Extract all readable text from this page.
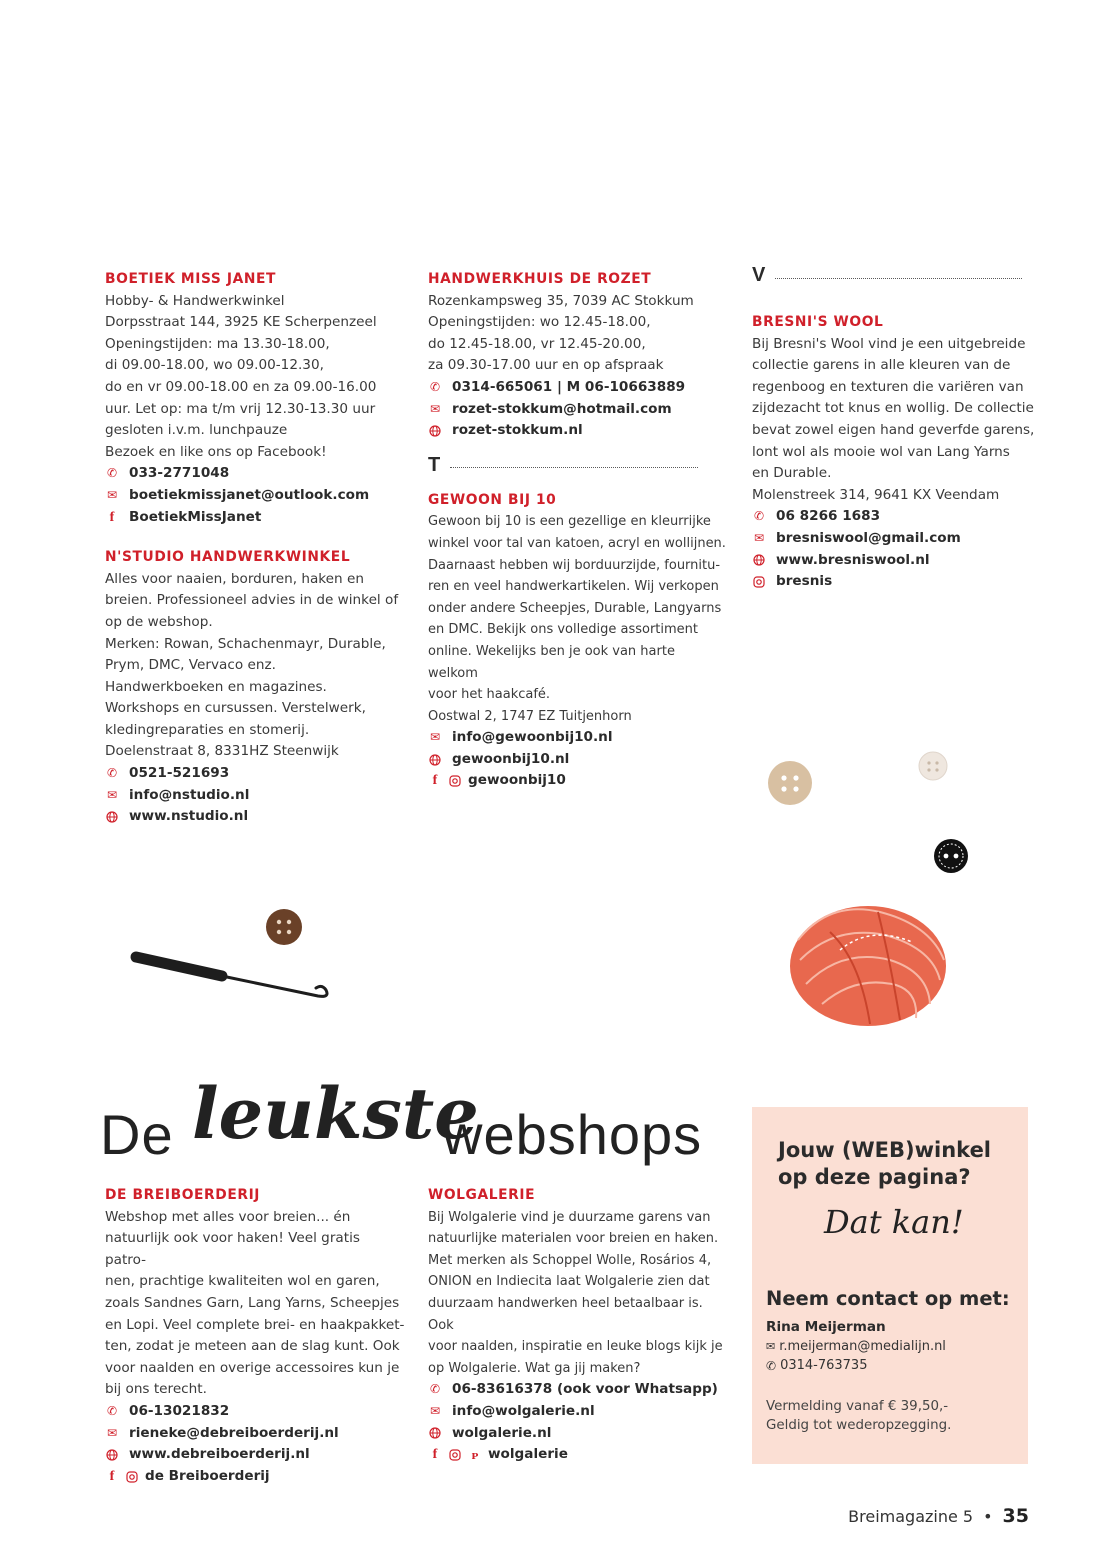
BOETIEK MISS JANET
Hobby- & Handwerkwinkel
Dorpsstraat 144, 3925 KE Scherpenzeel
Openingstijden: ma 13.30-18.00,
di 09.00-18.00, wo 09.00-12.30,
do en vr 09.00-18.00 en za 09.00-16.00
uur. Let op: ma t/m vrij 12.30-13.30 uur
gesloten i.v.m. lunchpauze
Bezoek en like ons op Facebook!
✆ 033-2771048
✉ boetiekmissjanet@outlook.com
f	BoetiekMissJanet
N'STUDIO HANDWERKWINKEL
Alles voor naaien, borduren, haken en
breien. Professioneel advies in de winkel of
op de webshop.
Merken: Rowan, Schachenmayr, Durable,
Prym, DMC, Vervaco enz.
Handwerkboeken en magazines.
Workshops en cursussen. Verstelwerk,
kledingreparaties en stomerij.
Doelenstraat 8, 8331HZ Steenwijk
✆ 0521-521693
✉ info@nstudio.nl
www.nstudio.nl
HANDWERKHUIS DE ROZET
Rozenkampsweg 35, 7039 AC Stokkum
Openingstijden: wo 12.45-18.00,
do 12.45-18.00, vr 12.45-20.00,
za 09.30-17.00 uur en op afspraak
✆ 0314-665061 | M 06-10663889
✉ rozet-stokkum@hotmail.com
rozet-stokkum.nl
T
GEWOON BIJ 10
Gewoon bij 10 is een gezellige en kleurrijke
winkel voor tal van katoen, acryl en wollijnen.
Daarnaast hebben wij borduurzijde, fournitu-
ren en veel handwerkartikelen. Wij verkopen
onder andere Scheepjes, Durable, Langyarns
en DMC. Bekijk ons volledige assortiment
online. Wekelijks ben je ook van harte welkom
voor het haakcafé.
Oostwal 2, 1747 EZ Tuitjenhorn
✉ info@gewoonbij10.nl
gewoonbij10.nl
f	gewoonbij10
V
BRESNI'S WOOL
Bij Bresni's Wool vind je een uitgebreide
collectie garens in alle kleuren van de
regenboog en texturen die variëren van
zijdezacht tot knus en wollig. De collectie
bevat zowel eigen hand geverfde garens,
lont wol als mooie wol van Lang Yarns
en Durable.
Molenstreek 314, 9641 KX Veendam
✆ 06 8266 1683
✉ bresniswool@gmail.com
www.bresniswool.nl
bresnis
De leukste
webshops
DE BREIBOERDERIJ
Webshop met alles voor breien... én
natuurlijk ook voor haken! Veel gratis patro-
nen, prachtige kwaliteiten wol en garen,
zoals Sandnes Garn, Lang Yarns, Scheepjes
en Lopi. Veel complete brei- en haakpakket-
ten, zodat je meteen aan de slag kunt. Ook
voor naalden en overige accessoires kun je
bij ons terecht.
✆ 06-13021832
✉ rieneke@debreiboerderij.nl
www.debreiboerderij.nl
f	de Breiboerderij
WOLGALERIE
Bij Wolgalerie vind je duurzame garens van
natuurlijke materialen voor breien en haken.
Met merken als Schoppel Wolle, Rosários 4,
ONION en Indiecita laat Wolgalerie zien dat
duurzaam handwerken heel betaalbaar is. Ook
voor naalden, inspiratie en leuke blogs kijk je
op Wolgalerie. Wat ga jij maken?
✆ 06-83616378 (ook voor Whatsapp)
✉ info@wolgalerie.nl
wolgalerie.nl
f	ᴩ wolgalerie
Jouw (WEB)winkel
op deze pagina?
Dat kan!
Neem contact op met:
Rina Meijerman
✉ r.meijerman@medialijn.nl
✆ 0314-763735
Vermelding vanaf € 39,50,-
Geldig tot wederopzegging.
Breimagazine 5 • 35
